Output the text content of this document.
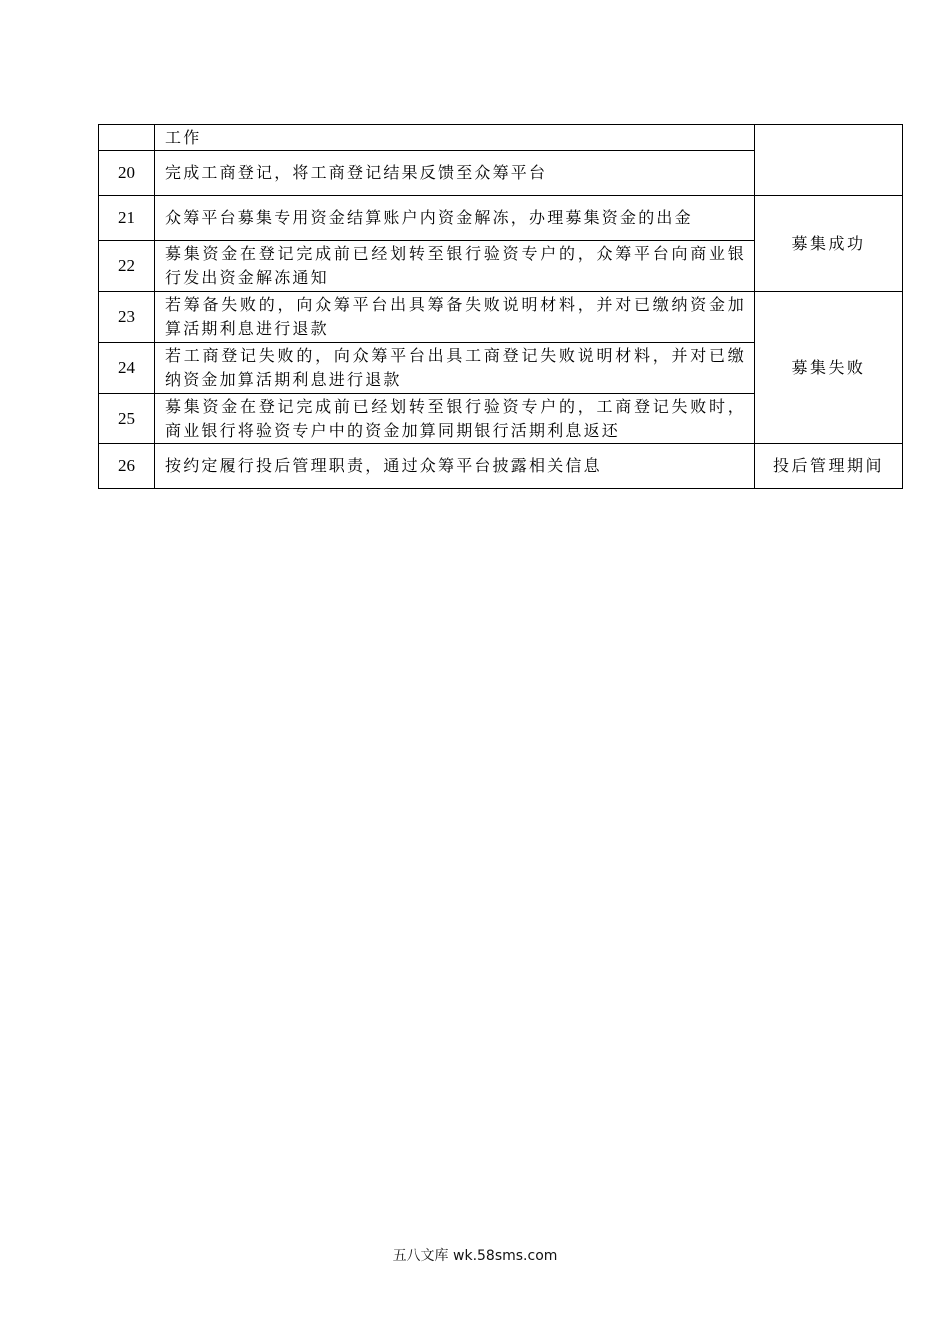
	工作	
20	完成工商登记，将工商登记结果反馈至众筹平台	
21	众筹平台募集专用资金结算账户内资金解冻，办理募集资金的出金	募集成功
22	募集资金在登记完成前已经划转至银行验资专户的，众筹平台向商业银行发出资金解冻通知	
23	若筹备失败的，向众筹平台出具筹备失败说明材料，并对已缴纳资金加算活期利息进行退款	募集失败
24	若工商登记失败的，向众筹平台出具工商登记失败说明材料，并对已缴纳资金加算活期利息进行退款	
25	募集资金在登记完成前已经划转至银行验资专户的，工商登记失败时，商业银行将验资专户中的资金加算同期银行活期利息返还	
26	按约定履行投后管理职责，通过众筹平台披露相关信息	投后管理期间
五八文库 wk.58sms.com
